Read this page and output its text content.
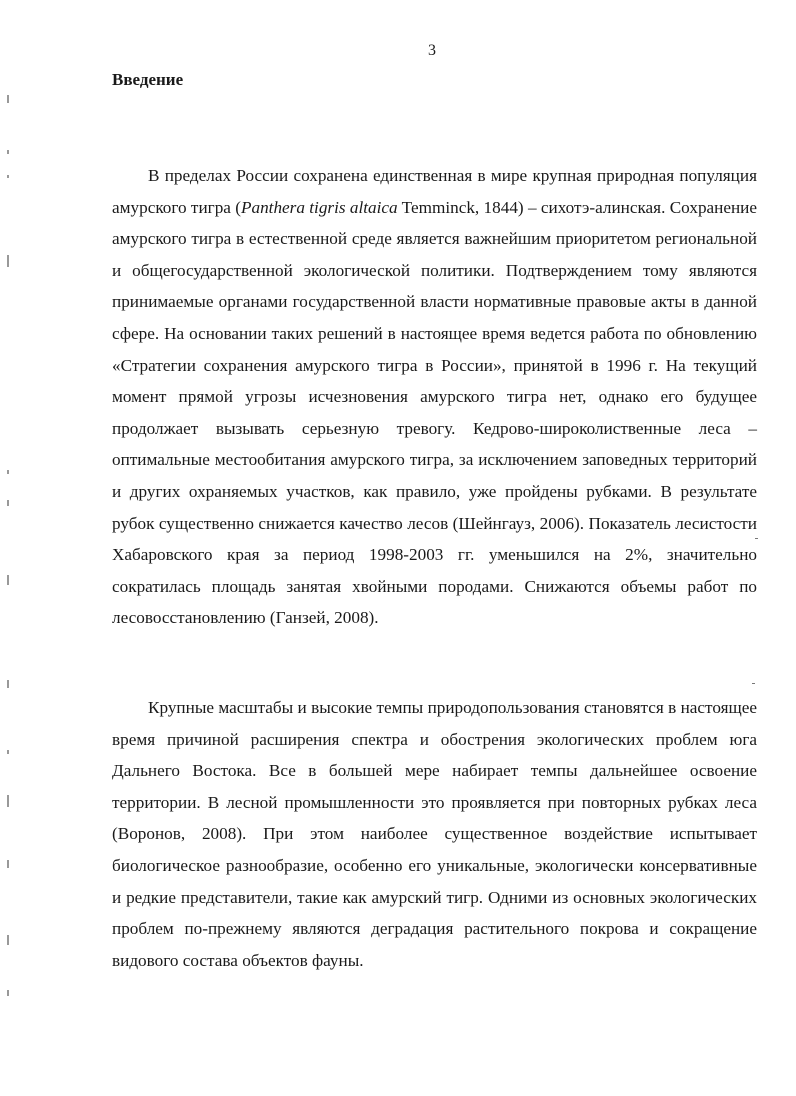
3
Введение

В пределах России сохранена единственная в мире крупная природная популяция амурского тигра (Panthera tigris altaica Temminck, 1844) – сихотэ-алинская. Сохранение амурского тигра в естественной среде является важнейшим приоритетом региональной и общегосударственной экологической политики. Подтверждением тому являются принимаемые органами государственной власти нормативные правовые акты в данной сфере. На основании таких решений в настоящее время ведется работа по обновлению «Стратегии сохранения амурского тигра в России», принятой в 1996 г. На текущий момент прямой угрозы исчезновения амурского тигра нет, однако его будущее продолжает вызывать серьезную тревогу. Кедрово-широколиственные леса – оптимальные местообитания амурского тигра, за исключением заповедных территорий и других охраняемых участков, как правило, уже пройдены рубками. В результате рубок существенно снижается качество лесов (Шейнгауз, 2006). Показатель лесистости Хабаровского края за период 1998-2003 гг. уменьшился на 2%, значительно сократилась площадь занятая хвойными породами. Снижаются объемы работ по лесовосстановлению (Ганзей, 2008).

Крупные масштабы и высокие темпы природопользования становятся в настоящее время причиной расширения спектра и обострения экологических проблем юга Дальнего Востока. Все в большей мере набирает темпы дальнейшее освоение территории. В лесной промышленности это проявляется при повторных рубках леса (Воронов, 2008). При этом наиболее существенное воздействие испытывает биологическое разнообразие, особенно его уникальные, экологически консервативные и редкие представители, такие как амурский тигр. Одними из основных экологических проблем по-прежнему являются деградация растительного покрова и сокращение видового состава объектов фауны.
